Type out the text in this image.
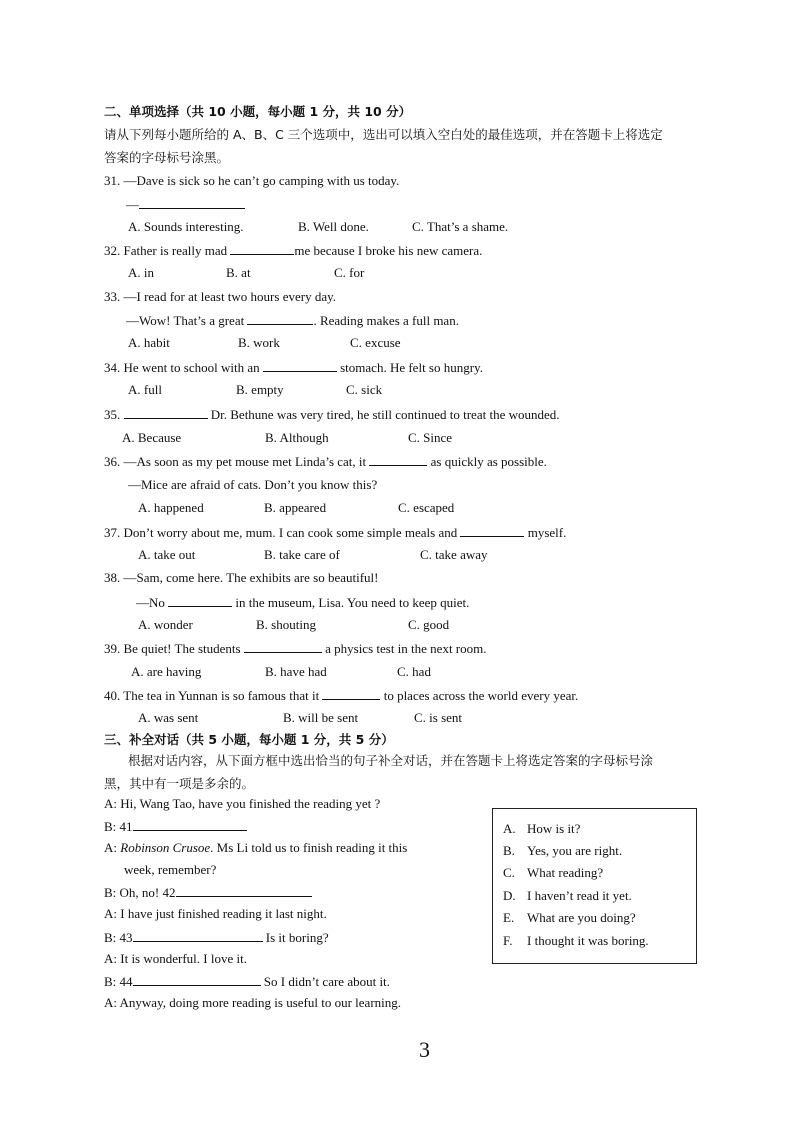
二、单项选择（共 10 小题，每小题 1 分，共 10 分）
请从下列每小题所给的 A、B、C 三个选项中，选出可以填入空白处的最佳选项，并在答题卡上将选定
答案的字母标号涂黑。
31. —Dave is sick so he can’t go camping with us today.
—
A. Sounds interesting.	B. Well done.	C. That’s a shame.
32. Father is really mad	me because I broke his new camera.
A. in	B. at	C. for
33. —I read for at least two hours every day.
—Wow! That’s a great	. Reading makes a full man.
A. habit	B. work	C. excuse
34. He went to school with an	stomach. He felt so hungry.
A. full	B. empty	C. sick
35.	Dr. Bethune was very tired, he still continued to treat the wounded.
A. Because	B. Although	C. Since
36. —As soon as my pet mouse met Linda’s cat, it	as quickly as possible.
—Mice are afraid of cats. Don’t you know this?
A. happened	B. appeared	C. escaped
37. Don’t worry about me, mum. I can cook some simple meals and	myself.
A. take out	B. take care of	C. take away
38. —Sam, come here. The exhibits are so beautiful!
—No	in the museum, Lisa. You need to keep quiet.
A. wonder	B. shouting	C. good
39. Be quiet! The students	a physics test in the next room.
A. are having	B. have had	C. had
40. The tea in Yunnan is so famous that it	to places across the world every year.
A. was sent	B. will be sent	C. is sent
三、补全对话（共 5 小题，每小题 1 分，共 5 分）
根据对话内容，从下面方框中选出恰当的句子补全对话，并在答题卡上将选定答案的字母标号涂
黑，其中有一项是多余的。
A: Hi, Wang Tao, have you finished the reading yet ?
B: 41
A: Robinson Crusoe. Ms Li told us to finish reading it this
week, remember?
B: Oh, no! 42
A: I have just finished reading it last night.
B: 43	Is it boring?
A: It is wonderful. I love it.
B: 44	So I didn’t care about it.
A: Anyway, doing more reading is useful to our learning.
A. How is it?
B. Yes, you are right.
C. What reading?
D. I haven’t read it yet.
E. What are you doing?
F. I thought it was boring.
3
